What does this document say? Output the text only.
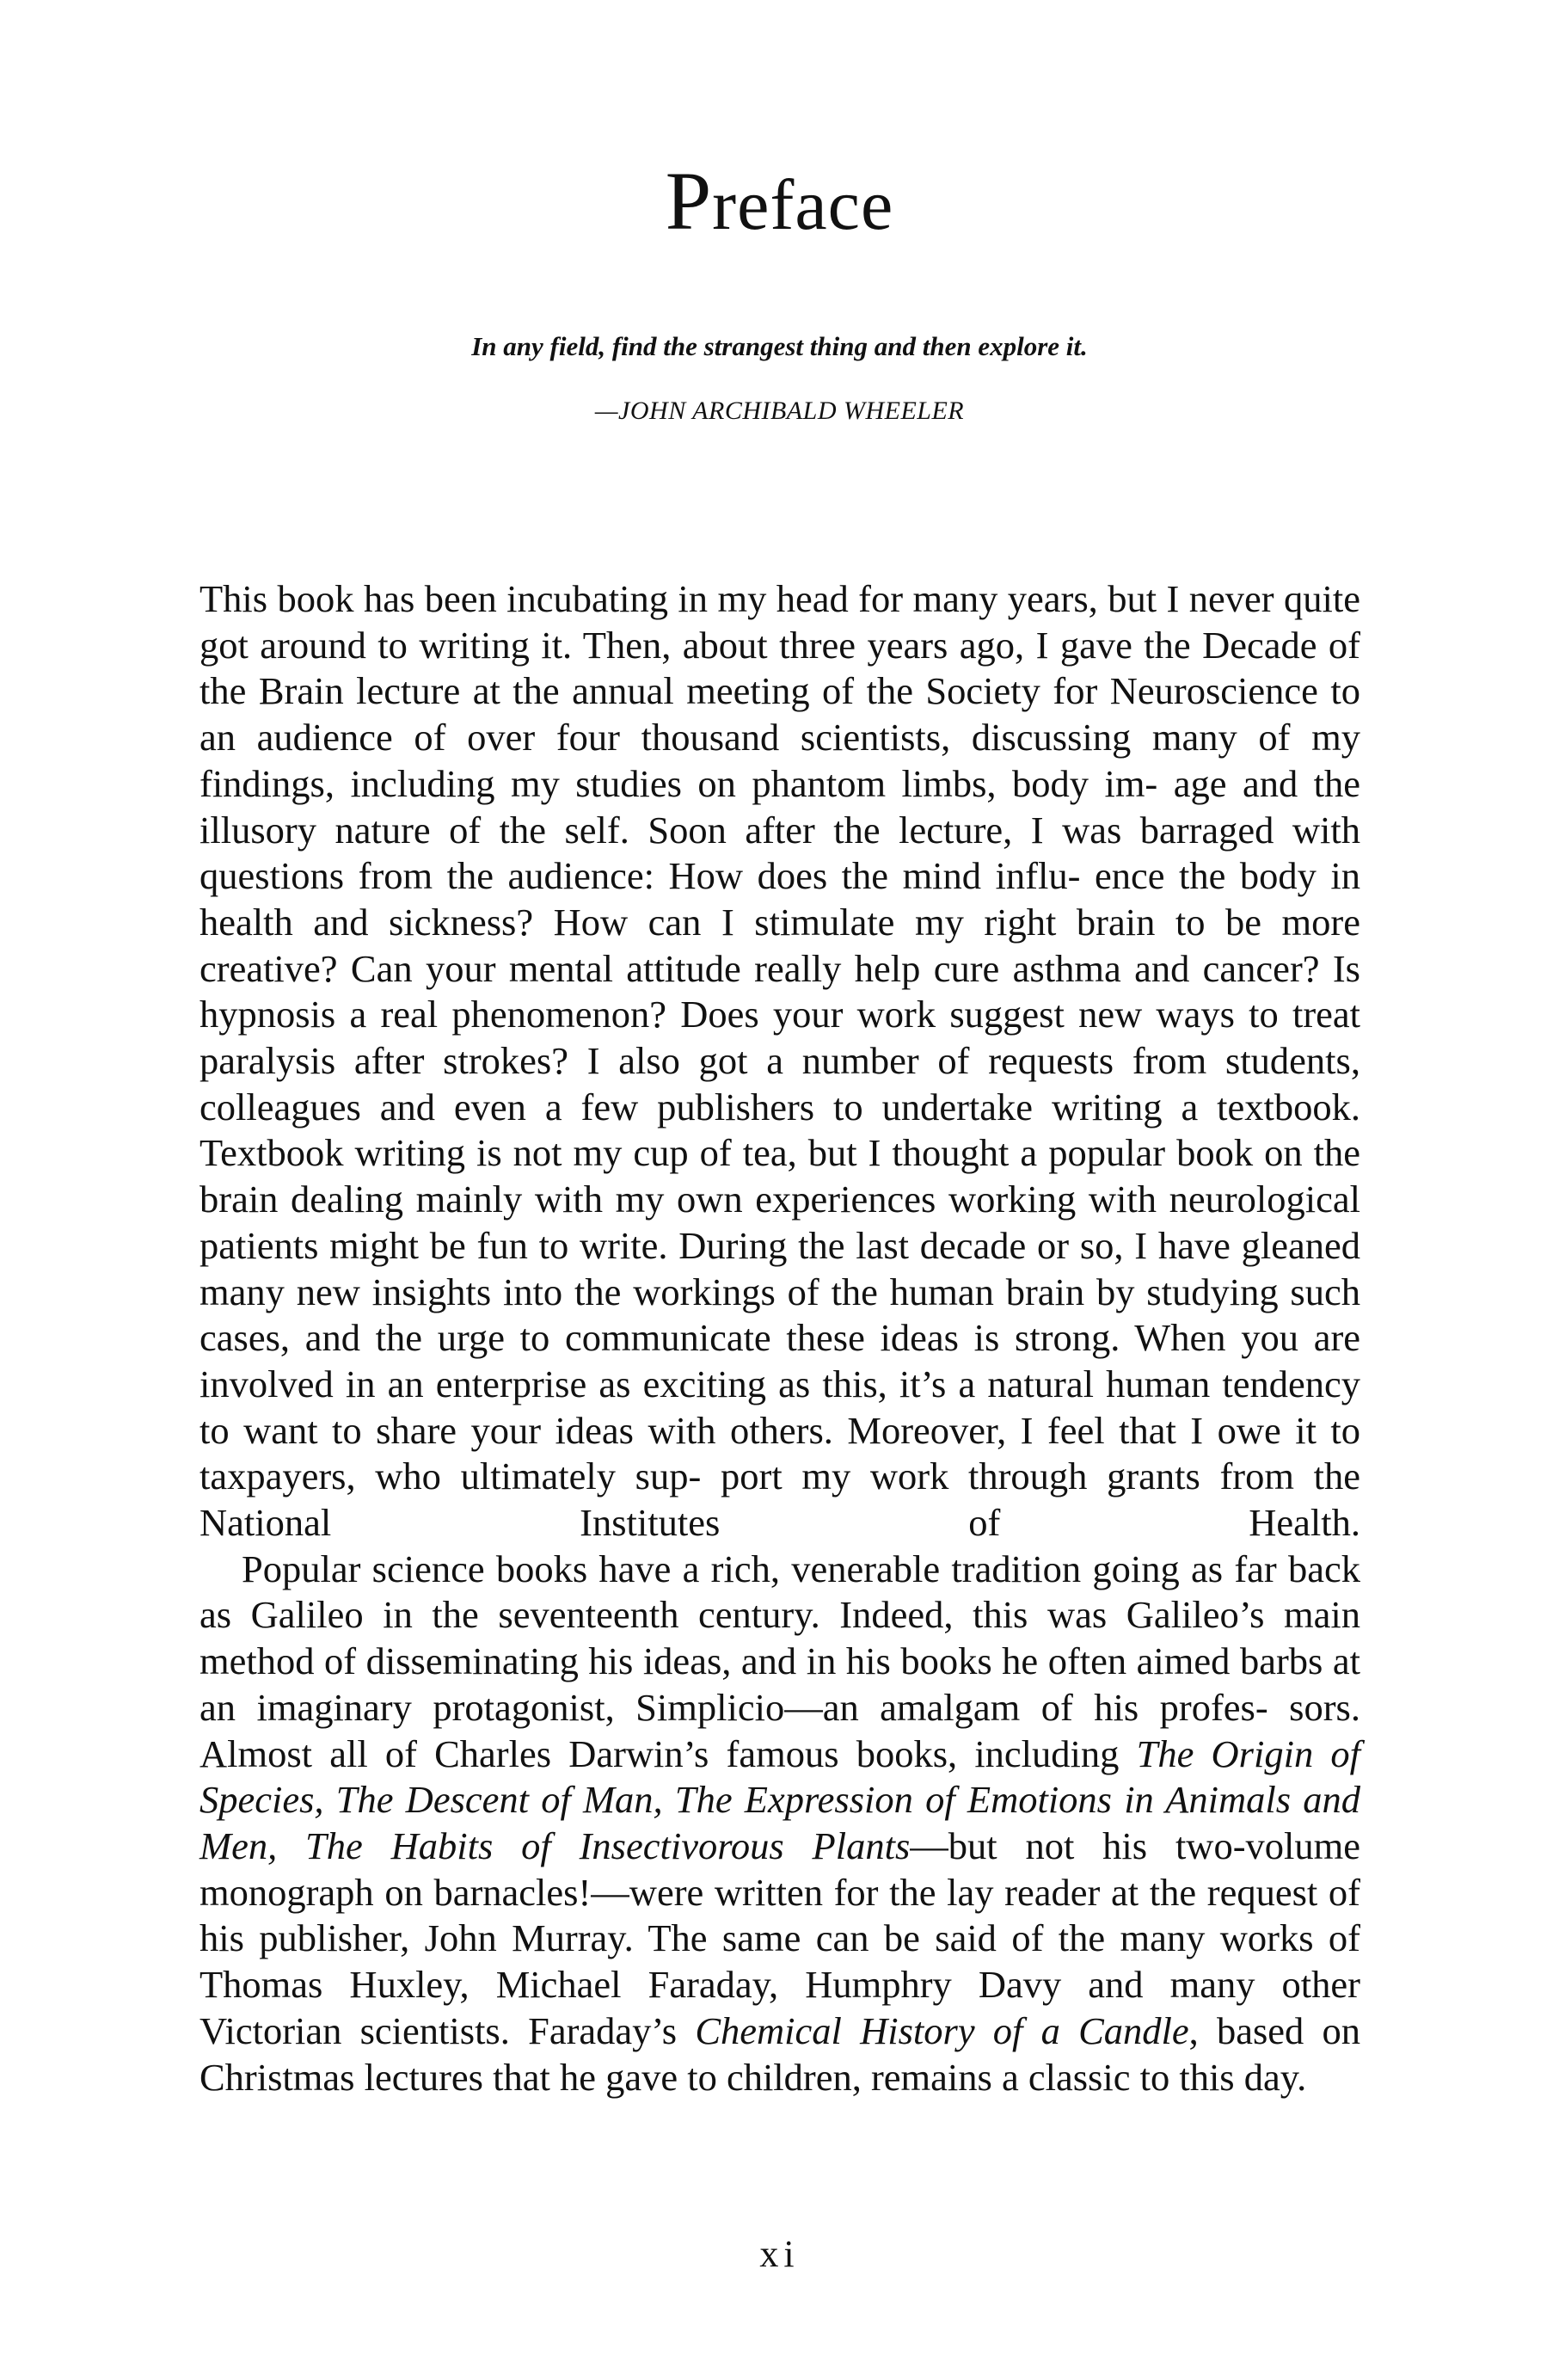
Preface
In any field, find the strangest thing and then explore it.
—JOHN ARCHIBALD WHEELER

This book has been incubating in my head for many years, but I never quite got around to writing it. Then, about three years ago, I gave the Decade of the Brain lecture at the annual meeting of the Society for Neuroscience to an audience of over four thousand scientists, discussing many of my findings, including my studies on phantom limbs, body im- age and the illusory nature of the self. Soon after the lecture, I was barraged with questions from the audience: How does the mind influ- ence the body in health and sickness? How can I stimulate my right brain to be more creative? Can your mental attitude really help cure asthma and cancer? Is hypnosis a real phenomenon? Does your work suggest new ways to treat paralysis after strokes? I also got a number of requests from students, colleagues and even a few publishers to undertake writing a textbook. Textbook writing is not my cup of tea, but I thought a popular book on the brain dealing mainly with my own experiences working with neurological patients might be fun to write. During the last decade or so, I have gleaned many new insights into the workings of the human brain by studying such cases, and the urge to communicate these ideas is strong. When you are involved in an enterprise as exciting as this, it’s a natural human tendency to want to share your ideas with others. Moreover, I feel that I owe it to taxpayers, who ultimately sup- port my work through grants from the National Institutes of Health.

Popular science books have a rich, venerable tradition going as far back as Galileo in the seventeenth century. Indeed, this was Galileo’s main method of disseminating his ideas, and in his books he often aimed barbs at an imaginary protagonist, Simplicio—an amalgam of his profes- sors. Almost all of Charles Darwin’s famous books, including The Origin of Species, The Descent of Man, The Expression of Emotions in Animals and Men, The Habits of Insectivorous Plants—but not his two-volume monograph on barnacles!—were written for the lay reader at the request of his publisher, John Murray. The same can be said of the many works of Thomas Huxley, Michael Faraday, Humphry Davy and many other Victorian scientists. Faraday’s Chemical History of a Candle, based on Christmas lectures that he gave to children, remains a classic to this day.

xi
